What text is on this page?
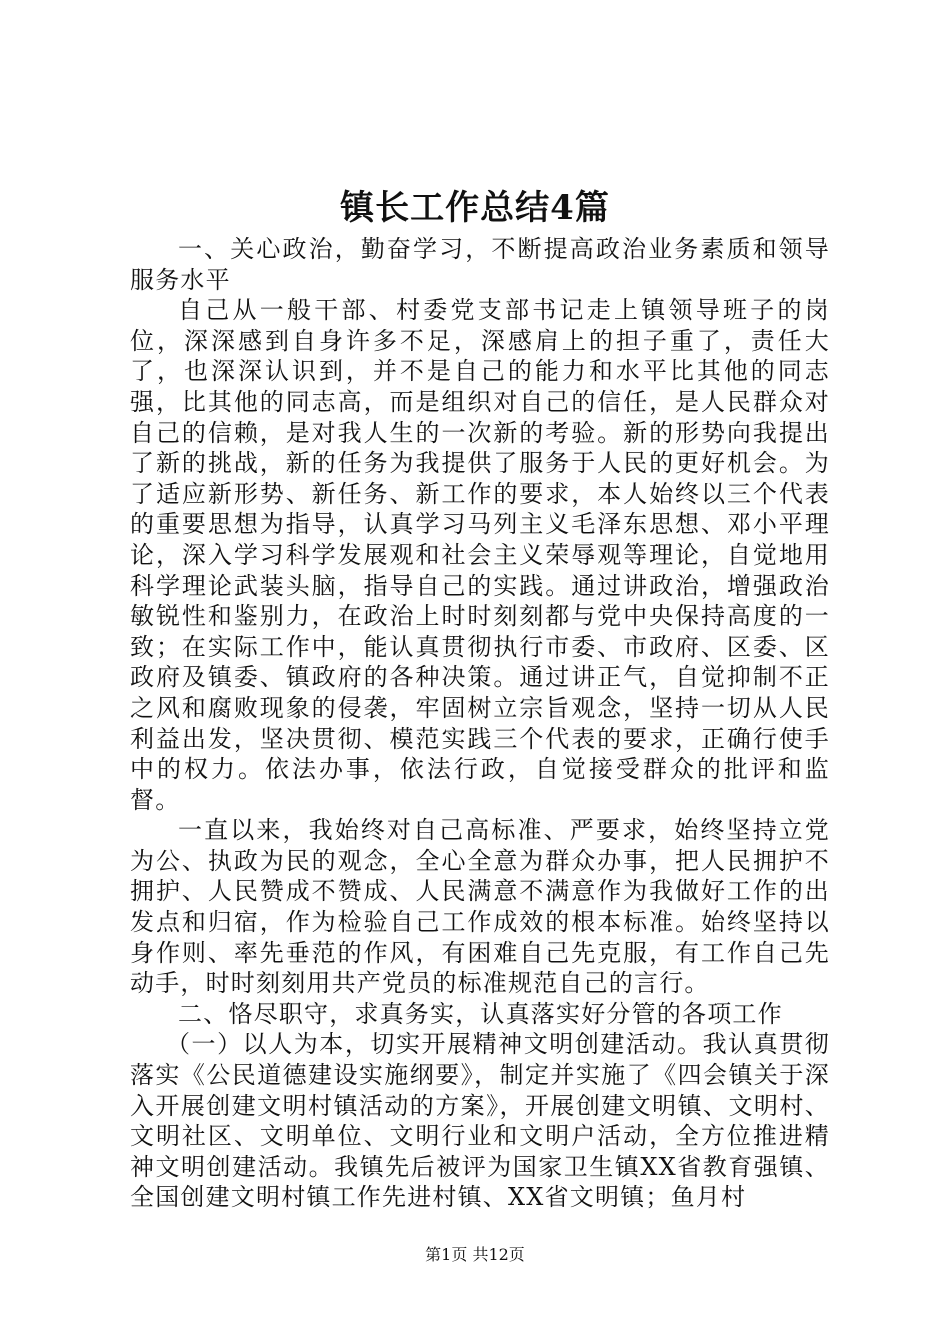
镇长工作总结4篇

一、关心政治，勤奋学习，不断提高政治业务素质和领导服务水平

自己从一般干部、村委党支部书记走上镇领导班子的岗位，深深感到自身许多不足，深感肩上的担子重了，责任大了，也深深认识到，并不是自己的能力和水平比其他的同志强，比其他的同志高，而是组织对自己的信任，是人民群众对自己的信赖，是对我人生的一次新的考验。新的形势向我提出了新的挑战，新的任务为我提供了服务于人民的更好机会。为了适应新形势、新任务、新工作的要求，本人始终以三个代表的重要思想为指导，认真学习马列主义毛泽东思想、邓小平理论，深入学习科学发展观和社会主义荣辱观等理论，自觉地用科学理论武装头脑，指导自己的实践。通过讲政治，增强政治敏锐性和鉴别力，在政治上时时刻刻都与党中央保持高度的一致；在实际工作中，能认真贯彻执行市委、市政府、区委、区政府及镇委、镇政府的各种决策。通过讲正气，自觉抑制不正之风和腐败现象的侵袭，牢固树立宗旨观念，坚持一切从人民利益出发，坚决贯彻、模范实践三个代表的要求，正确行使手中的权力。依法办事，依法行政，自觉接受群众的批评和监督。

一直以来，我始终对自己高标准、严要求，始终坚持立党为公、执政为民的观念，全心全意为群众办事，把人民拥护不拥护、人民赞成不赞成、人民满意不满意作为我做好工作的出发点和归宿，作为检验自己工作成效的根本标准。始终坚持以身作则、率先垂范的作风，有困难自己先克服，有工作自己先动手，时时刻刻用共产党员的标准规范自己的言行。

二、恪尽职守，求真务实，认真落实好分管的各项工作

（一）以人为本，切实开展精神文明创建活动。我认真贯彻落实《公民道德建设实施纲要》，制定并实施了《四会镇关于深入开展创建文明村镇活动的方案》，开展创建文明镇、文明村、文明社区、文明单位、文明行业和文明户活动，全方位推进精神文明创建活动。我镇先后被评为国家卫生镇XX省教育强镇、全国创建文明村镇工作先进村镇、XX省文明镇；鱼月村

第1页 共12页
